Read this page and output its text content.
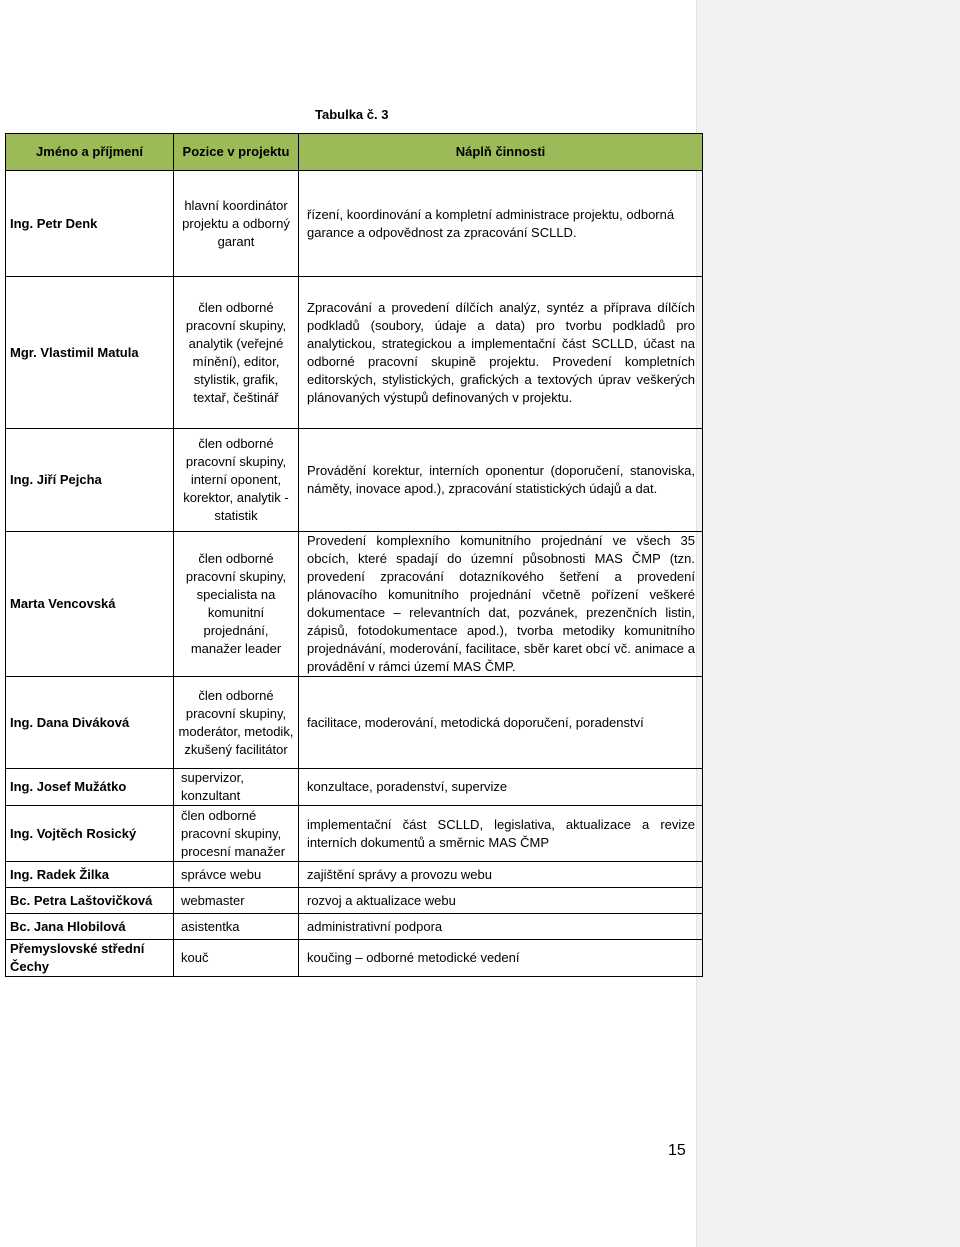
Tabulka č. 3
Jméno a příjmení	Pozice v projektu	Náplň činnosti
Ing. Petr Denk	hlavní koordinátor projektu a odborný garant	řízení, koordinování a kompletní administrace projektu, odborná garance a odpovědnost za zpracování SCLLD.
Mgr. Vlastimil Matula	člen odborné pracovní skupiny, analytik (veřejné mínění), editor, stylistik, grafik, textař, češtinář	Zpracování a provedení dílčích analýz, syntéz a příprava dílčích podkladů (soubory, údaje a data) pro tvorbu podkladů pro analytickou, strategickou a implementační část SCLLD, účast na odborné pracovní skupině projektu. Provedení kompletních editorských, stylistických, grafických a textových úprav veškerých plánovaných výstupů definovaných v projektu.
Ing. Jiří Pejcha	člen odborné pracovní skupiny, interní oponent, korektor, analytik - statistik	Provádění korektur, interních oponentur (doporučení, stanoviska, náměty, inovace apod.), zpracování statistických údajů a dat.
Marta Vencovská	člen odborné pracovní skupiny, specialista na komunitní projednání, manažer leader	Provedení komplexního komunitního projednání ve všech 35 obcích, které spadají do územní působnosti MAS ČMP (tzn. provedení zpracování dotazníkového šetření a provedení plánovacího komunitního projednání včetně pořízení veškeré dokumentace – relevantních dat, pozvánek, prezenčních listin, zápisů, fotodokumentace apod.), tvorba metodiky komunitního projednávání, moderování, facilitace, sběr karet obcí vč. animace a provádění v rámci území MAS ČMP.
Ing. Dana Diváková	člen odborné pracovní skupiny, moderátor, metodik, zkušený facilitátor	facilitace, moderování, metodická doporučení, poradenství
Ing. Josef Mužátko	supervizor, konzultant	konzultace, poradenství, supervize
Ing. Vojtěch Rosický	člen odborné pracovní skupiny, procesní manažer	implementační část SCLLD, legislativa, aktualizace a revize interních dokumentů a směrnic MAS ČMP
Ing. Radek Žilka	správce webu	zajištění správy a provozu webu
Bc. Petra Laštovičková	webmaster	rozvoj a aktualizace webu
Bc. Jana Hlobilová	asistentka	administrativní podpora
Přemyslovské střední Čechy	kouč	koučing – odborné metodické vedení
15
